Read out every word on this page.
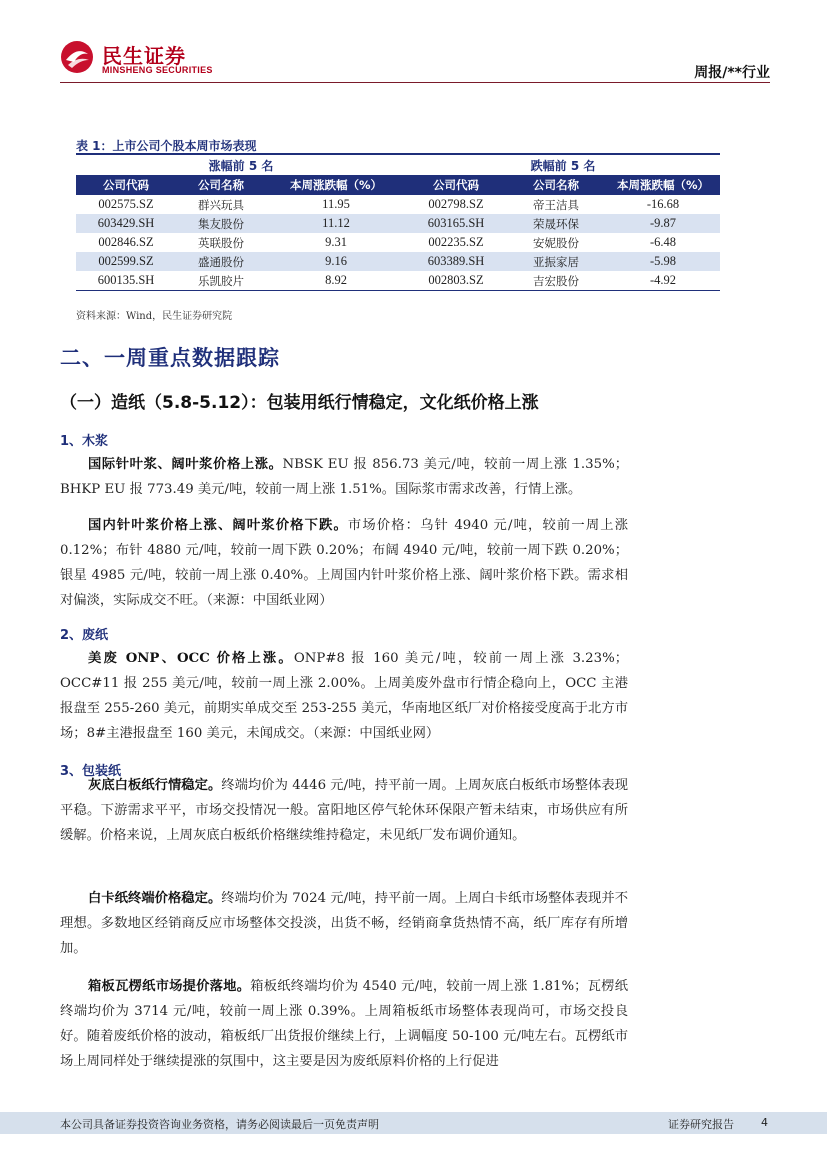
民生证券
MINSHENG SECURITIES	周报/**行业
表 1：上市公司个股本周市场表现
涨幅前 5 名			跌幅前 5 名		
公司代码	公司名称	本周涨跌幅（%）	公司代码	公司名称	本周涨跌幅（%）
002575.SZ	群兴玩具	11.95	002798.SZ	帝王洁具	-16.68
603429.SH	集友股份	11.12	603165.SH	荣晟环保	-9.87
002846.SZ	英联股份	9.31	002235.SZ	安妮股份	-6.48
002599.SZ	盛通股份	9.16	603389.SH	亚振家居	-5.98
600135.SH	乐凯胶片	8.92	002803.SZ	吉宏股份	-4.92
资料来源：Wind，民生证券研究院
二、一周重点数据跟踪
（一）造纸（5.8-5.12）：包装用纸行情稳定，文化纸价格上涨
1、木浆
国际针叶浆、阔叶浆价格上涨。NBSK EU 报 856.73 美元/吨，较前一周上涨 1.35%；BHKP EU 报 773.49 美元/吨，较前一周上涨 1.51%。国际浆市需求改善，行情上涨。
国内针叶浆价格上涨、阔叶浆价格下跌。市场价格：乌针 4940 元/吨，较前一周上涨 0.12%；布针 4880 元/吨，较前一周下跌 0.20%；布阔 4940 元/吨，较前一周下跌 0.20%；银星 4985 元/吨，较前一周上涨 0.40%。上周国内针叶浆价格上涨、阔叶浆价格下跌。需求相对偏淡，实际成交不旺。（来源：中国纸业网）
2、废纸
美废 ONP、OCC 价格上涨。ONP#8 报 160 美元/吨，较前一周上涨 3.23%；OCC#11 报 255 美元/吨，较前一周上涨 2.00%。上周美废外盘市行情企稳向上，OCC 主港报盘至 255-260 美元，前期实单成交至 253-255 美元，华南地区纸厂对价格接受度高于北方市场；8#主港报盘至 160 美元，未闻成交。（来源：中国纸业网）
3、包装纸
灰底白板纸行情稳定。终端均价为 4446 元/吨，持平前一周。上周灰底白板纸市场整体表现平稳。下游需求平平，市场交投情况一般。富阳地区停气轮休环保限产暂未结束，市场供应有所缓解。价格来说，上周灰底白板纸价格继续维持稳定，未见纸厂发布调价通知。
白卡纸终端价格稳定。终端均价为 7024 元/吨，持平前一周。上周白卡纸市场整体表现并不理想。多数地区经销商反应市场整体交投淡，出货不畅，经销商拿货热情不高，纸厂库存有所增加。
箱板瓦楞纸市场提价落地。箱板纸终端均价为 4540 元/吨，较前一周上涨 1.81%；瓦楞纸终端均价为 3714 元/吨，较前一周上涨 0.39%。上周箱板纸市场整体表现尚可，市场交投良好。随着废纸价格的波动，箱板纸厂出货报价继续上行，上调幅度 50-100 元/吨左右。瓦楞纸市场上周同样处于继续提涨的氛围中，这主要是因为废纸原料价格的上行促进
本公司具备证券投资咨询业务资格，请务必阅读最后一页免责声明	证券研究报告 4
